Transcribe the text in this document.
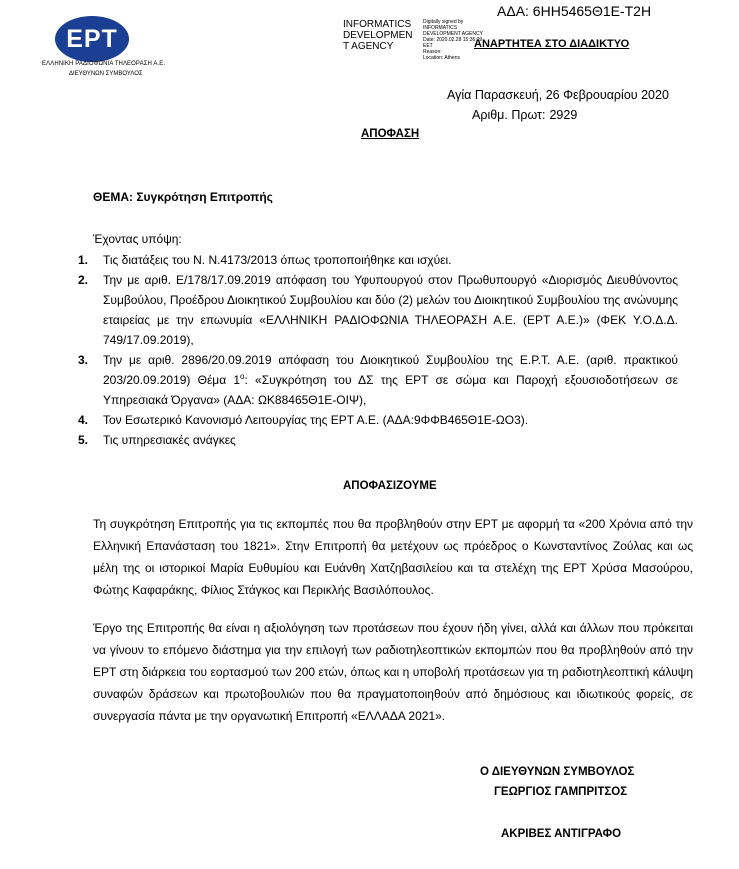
ΕΡΤ
ΕΛΛΗΝΙΚΗ ΡΑΔΙΟΦΩΝΙΑ ΤΗΛΕΟΡΑΣΗ Α.Ε.
ΔΙΕΥΘΥΝΩΝ ΣΥΜΒΟΥΛΟΣ
INFORMATICS
DEVELOPMEN
T AGENCY
Digitally signed by
INFORMATICS
DEVELOPMENT AGENCY
Date: 2020.02.28 15:36:09
EET
Reason:
Location: Athens
ΑΔΑ: 6ΗΗ5465Θ1Ε-Τ2Η
ΑΝΑΡΤΗΤΕΑ ΣΤΟ ΔΙΑΔΙΚΤΥΟ
Αγία Παρασκευή, 26 Φεβρουαρίου 2020
Αριθμ. Πρωτ: 2929
ΑΠΟΦΑΣΗ
ΘΕΜΑ: Συγκρότηση Επιτροπής
Έχοντας υπόψη:
1.	Τις διατάξεις του Ν. Ν.4173/2013 όπως τροποποιήθηκε και ισχύει.
2.	Την με αριθ. Ε/178/17.09.2019 απόφαση του Υφυπουργού στον Πρωθυπουργό «Διορισμός Διευθύνοντος Συμβούλου, Προέδρου Διοικητικού Συμβουλίου και δύο (2) μελών του Διοικητικού Συμβουλίου της ανώνυμης εταιρείας με την επωνυμία «ΕΛΛΗΝΙΚΗ ΡΑΔΙΟΦΩΝΙΑ ΤΗΛΕΟΡΑΣΗ Α.Ε. (ΕΡΤ Α.Ε.)» (ΦΕΚ Υ.Ο.Δ.Δ. 749/17.09.2019),
3.	Την με αριθ. 2896/20.09.2019 απόφαση του Διοικητικού Συμβουλίου της Ε.Ρ.Τ. Α.Ε. (αριθ. πρακτικού 203/20.09.2019) Θέμα $1^o$: «Συγκρότηση του ΔΣ της ΕΡΤ σε σώμα και Παροχή εξουσιοδοτήσεων σε Υπηρεσιακά Όργανα» (ΑΔΑ: ΩΚ88465Θ1Ε-ΟΙΨ),
4.	Τον Εσωτερικό Κανονισμό Λειτουργίας της ΕΡΤ Α.Ε. (ΑΔΑ:9ΦΦΒ465Θ1Ε-ΩΟ3).
5.	Τις υπηρεσιακές ανάγκες
ΑΠΟΦΑΣΙΖΟΥΜΕ

Τη συγκρότηση Επιτροπής για τις εκπομπές που θα προβληθούν στην ΕΡΤ με αφορμή τα «200 Χρόνια από την Ελληνική Επανάσταση του 1821». Στην Επιτροπή θα μετέχουν ως πρόεδρος ο Κωνσταντίνος Ζούλας και ως μέλη της οι ιστορικοί Μαρία Ευθυμίου και Ευάνθη Χατζηβασιλείου και τα στελέχη της ΕΡΤ Χρύσα Μασούρου, Φώτης Καφαράκης, Φίλιος Στάγκος και Περικλής Βασιλόπουλος.

Έργο της Επιτροπής θα είναι η αξιολόγηση των προτάσεων που έχουν ήδη γίνει, αλλά και άλλων που πρόκειται να γίνουν το επόμενο διάστημα για την επιλογή των ραδιοτηλεοπτικών εκπομπών που θα προβληθούν από την ΕΡΤ στη διάρκεια του εορτασμού των 200 ετών, όπως και η υποβολή προτάσεων για τη ραδιοτηλεοπτική κάλυψη συναφών δράσεων και πρωτοβουλιών που θα πραγματοποιηθούν από δημόσιους και ιδιωτικούς φορείς, σε συνεργασία πάντα με την οργανωτική Επιτροπή «ΕΛΛΑΔΑ 2021».

Ο ΔΙΕΥΘΥΝΩΝ ΣΥΜΒΟΥΛΟΣ
ΓΕΩΡΓΙΟΣ ΓΑΜΠΡΙΤΣΟΣ
ΑΚΡΙΒΕΣ ΑΝΤΙΓΡΑΦΟ
